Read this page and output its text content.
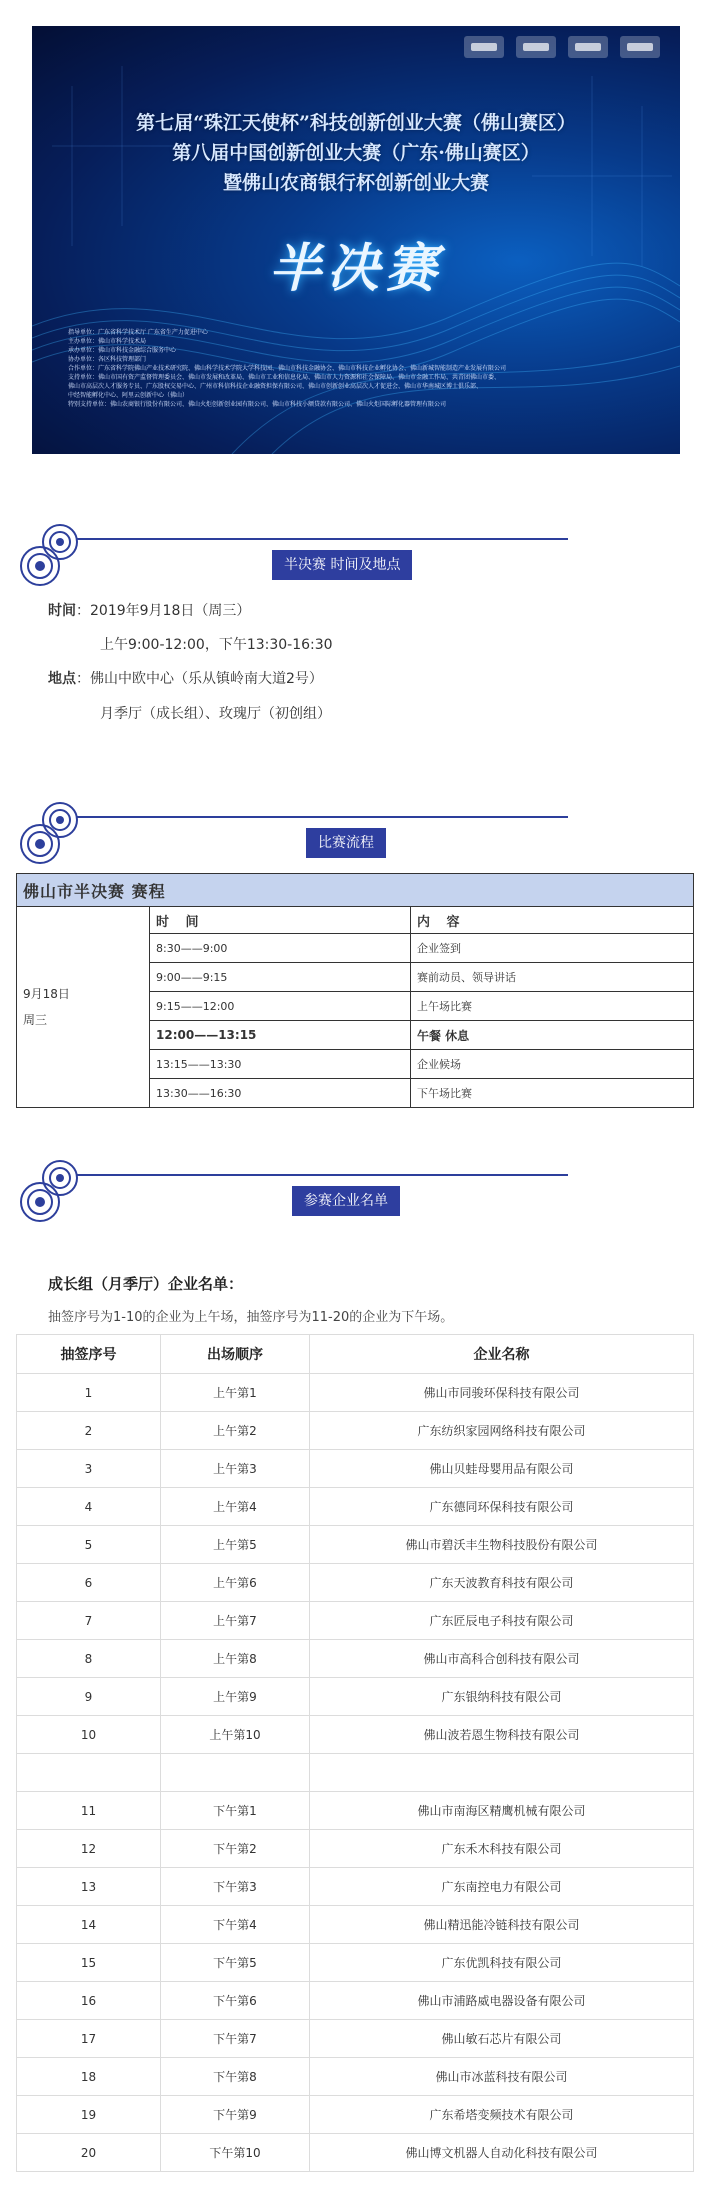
第七届“珠江天使杯”科技创新创业大赛（佛山赛区）
第八届中国创新创业大赛（广东·佛山赛区）
暨佛山农商银行杯创新创业大赛
半决赛
指导单位：广东省科学技术厅 广东省生产力促进中心
主办单位：佛山市科学技术局
承办单位：佛山市科技金融综合服务中心
协办单位：各区科技管理部门
合作单位：广东省科学院佛山产业技术研究院、佛山科学技术学院大学科技园、佛山市科技金融协会、佛山市科技企业孵化协会、佛山新城智能制造产业发展有限公司
支持单位：佛山市国有资产监督管理委员会、佛山市发展和改革局、佛山市工业和信息化局、佛山市人力资源和社会保障局、佛山市金融工作局、共青团佛山市委、
佛山市高层次人才服务专员、广东股权交易中心、广州市科信科技企业融资担保有限公司、佛山市创新创业高层次人才促进会、佛山市华南城区博士俱乐部、
中经智能孵化中心、阿里云创新中心（佛山）
特别支持单位：佛山农商银行股份有限公司、佛山火炬创新创业园有限公司、佛山市科技小额贷款有限公司、佛山火炬国际孵化器管理有限公司
半决赛 时间及地点
时间：2019年9月18日（周三）
上午9:00-12:00，下午13:30-16:30
地点：佛山中欧中心（乐从镇岭南大道2号）
月季厅（成长组）、玫瑰厅（初创组）
比赛流程
佛山市半决赛 赛程		

9月18日
周三	时 间	内 容
	8:30——9:00	企业签到
	9:00——9:15	赛前动员、领导讲话
	9:15——12:00	上午场比赛
	12:00——13:15	午餐 休息
	13:15——13:30	企业候场
	13:30——16:30	下午场比赛
参赛企业名单
成长组（月季厅）企业名单：
抽签序号为1-10的企业为上午场，抽签序号为11-20的企业为下午场。
抽签序号	出场顺序	企业名称
1	上午第1	佛山市同骏环保科技有限公司
2	上午第2	广东纺织家园网络科技有限公司
3	上午第3	佛山贝蛙母婴用品有限公司
4	上午第4	广东德同环保科技有限公司
5	上午第5	佛山市碧沃丰生物科技股份有限公司
6	上午第6	广东天波教育科技有限公司
7	上午第7	广东匠辰电子科技有限公司
8	上午第8	佛山市高科合创科技有限公司
9	上午第9	广东银纳科技有限公司
10	上午第10	佛山波若恩生物科技有限公司

11	下午第1	佛山市南海区精鹰机械有限公司
12	下午第2	广东禾木科技有限公司
13	下午第3	广东南控电力有限公司
14	下午第4	佛山精迅能冷链科技有限公司
15	下午第5	广东优凯科技有限公司
16	下午第6	佛山市浦路威电器设备有限公司
17	下午第7	佛山敏石芯片有限公司
18	下午第8	佛山市冰蓝科技有限公司
19	下午第9	广东希塔变频技术有限公司
20	下午第10	佛山博文机器人自动化科技有限公司
